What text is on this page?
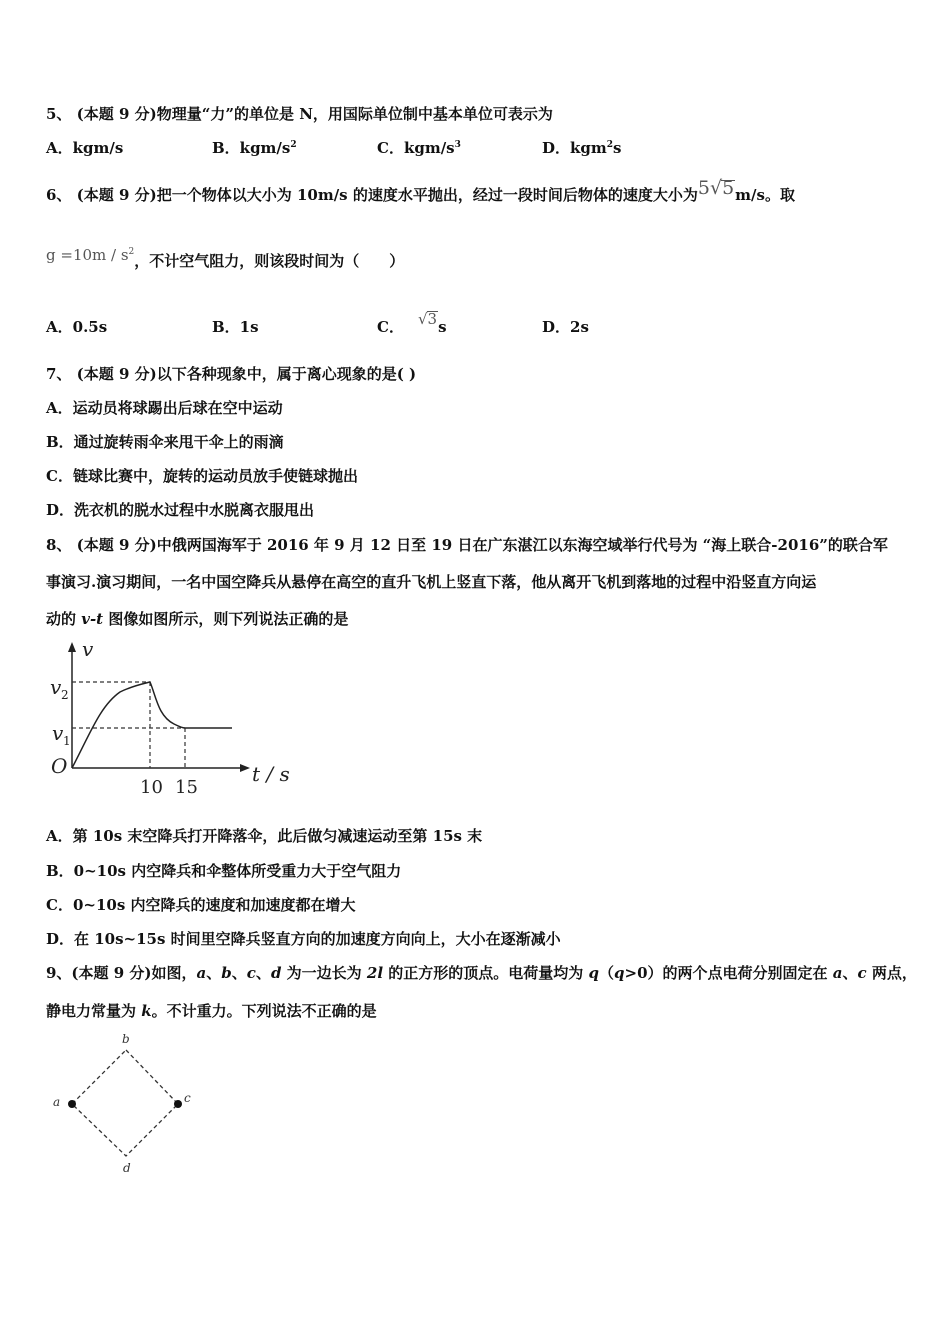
5、 (本题 9 分)物理量“力”的单位是 N，用国际单位制中基本单位可表示为
A．kgm/s	B．kgm/$s^2$	C．kgm/$s^3$	D．kgm$^2$s
6、 (本题 9 分)把一个物体以大小为 10m/s 的速度水平抛出，经过一段时间后物体的速度大小为5√5m/s。取
$g =10m / s^2$，不计空气阻力，则该段时间为（　　）
A．0.5s	B．1s	C． √3s	D．2s
7、 (本题 9 分)以下各种现象中，属于离心现象的是( )
A．运动员将球踢出后球在空中运动
B．通过旋转雨伞来甩干伞上的雨滴
C．链球比赛中，旋转的运动员放手使链球抛出
D．洗衣机的脱水过程中水脱离衣服甩出
8、 (本题 9 分)中俄两国海军于 2016 年 9 月 12 日至 19 日在广东湛江以东海空域举行代号为 “海上联合-2016”的联合军
事演习.演习期间，一名中国空降兵从悬停在高空的直升飞机上竖直下落，他从离开飞机到落地的过程中沿竖直方向运
动的 v-t 图像如图所示，则下列说法正确的是
v
v 2
v 1
O
10 15
t / s
A．第 10s 末空降兵打开降落伞，此后做匀减速运动至第 15s 末
B．0~10s 内空降兵和伞整体所受重力大于空气阻力
C．0~10s 内空降兵的速度和加速度都在增大
D．在 10s~15s 时间里空降兵竖直方向的加速度方向向上，大小在逐渐减小
9、(本题 9 分)如图，a、b、c、d 为一边长为 2l 的正方形的顶点。电荷量均为 q（q>0）的两个点电荷分别固定在 a、c 两点，
静电力常量为 k。不计重力。下列说法不正确的是
b
a	c
d
